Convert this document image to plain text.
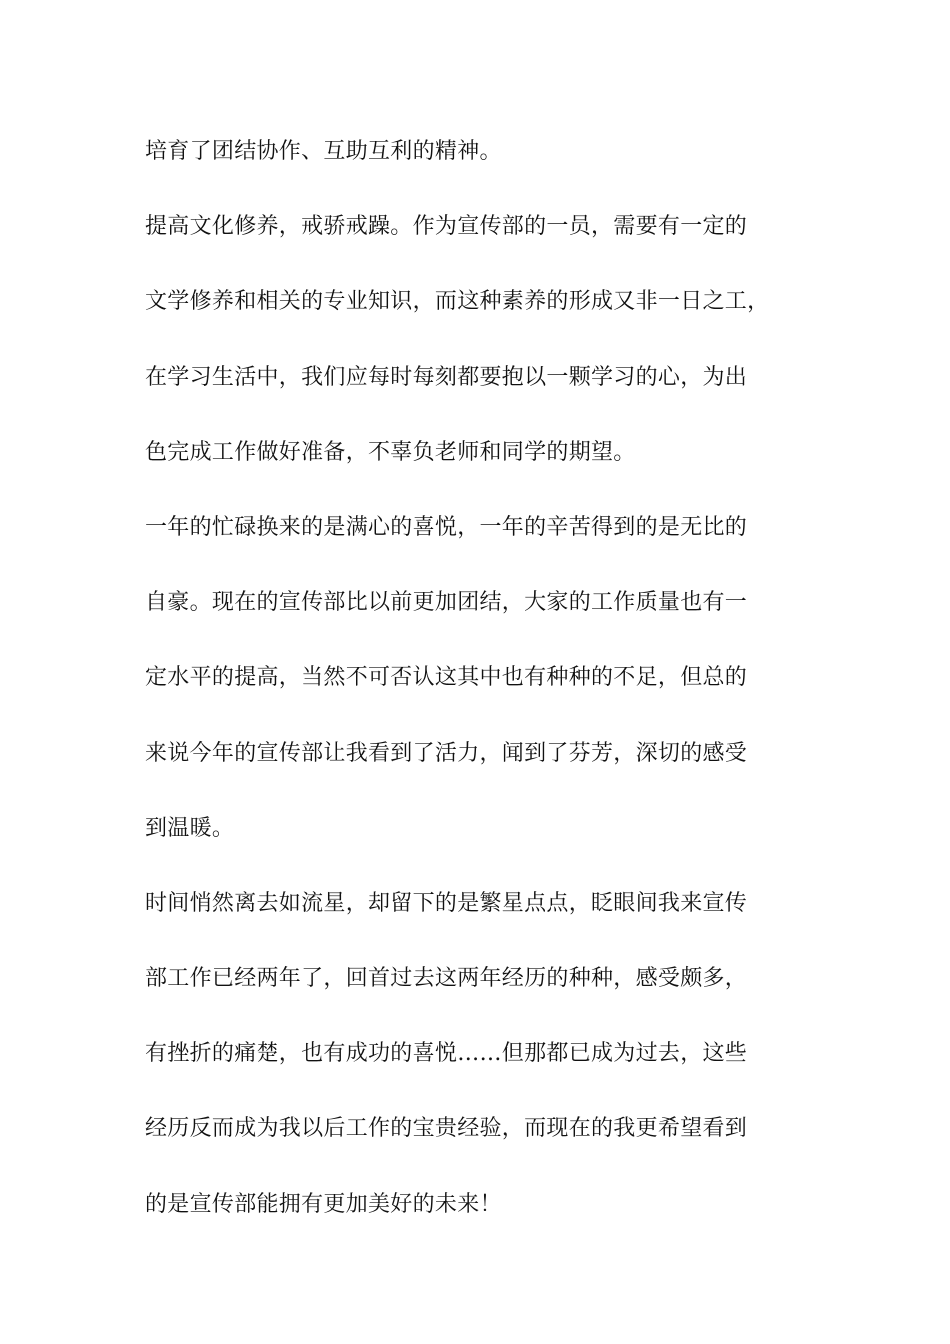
培育了团结协作、互助互利的精神。
提高文化修养，戒骄戒躁。作为宣传部的一员，需要有一定的
文学修养和相关的专业知识，而这种素养的形成又非一日之工，
在学习生活中，我们应每时每刻都要抱以一颗学习的心，为出
色完成工作做好准备，不辜负老师和同学的期望。
一年的忙碌换来的是满心的喜悦，一年的辛苦得到的是无比的
自豪。现在的宣传部比以前更加团结，大家的工作质量也有一
定水平的提高，当然不可否认这其中也有种种的不足，但总的
来说今年的宣传部让我看到了活力，闻到了芬芳，深切的感受
到温暖。
时间悄然离去如流星，却留下的是繁星点点，眨眼间我来宣传
部工作已经两年了，回首过去这两年经历的种种，感受颇多，
有挫折的痛楚，也有成功的喜悦……但那都已成为过去，这些
经历反而成为我以后工作的宝贵经验，而现在的我更希望看到
的是宣传部能拥有更加美好的未来！
